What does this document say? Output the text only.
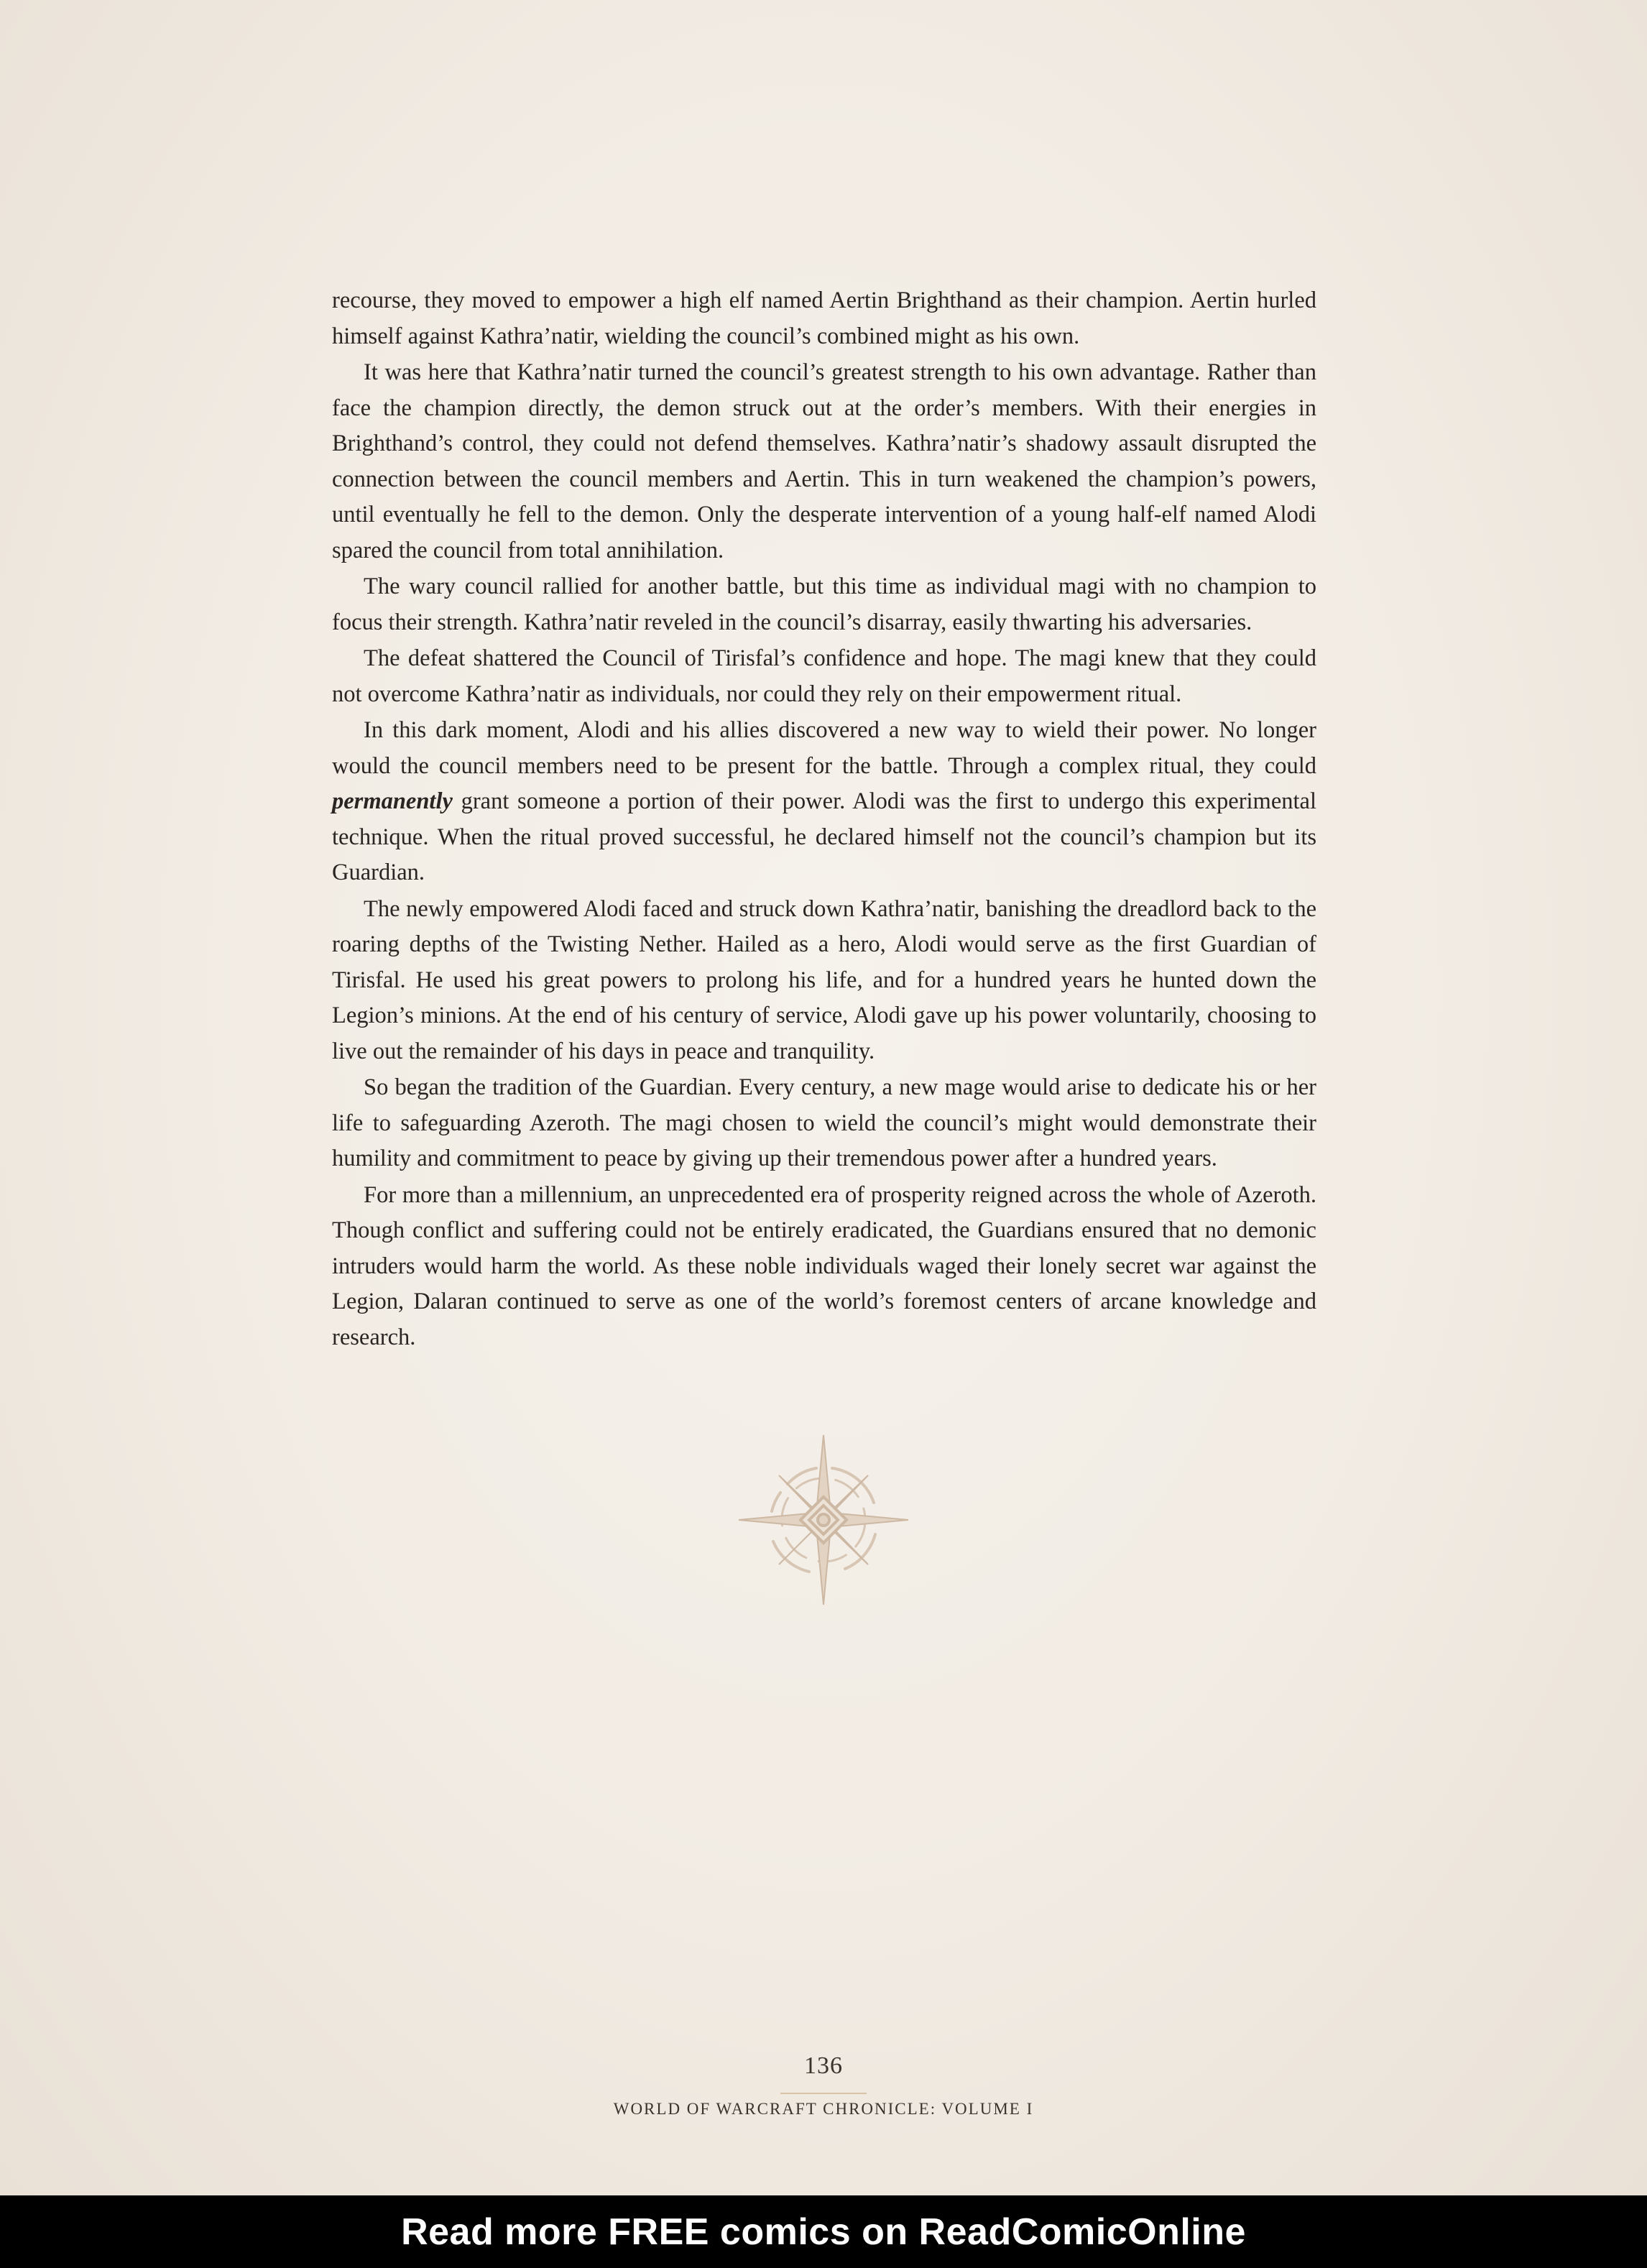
recourse, they moved to empower a high elf named Aertin Brighthand as their champion. Aertin hurled himself against Kathra’natir, wielding the council’s combined might as his own.

It was here that Kathra’natir turned the council’s greatest strength to his own advantage. Rather than face the champion directly, the demon struck out at the order’s members. With their energies in Brighthand’s control, they could not defend themselves. Kathra’natir’s shadowy assault disrupted the connection between the council members and Aertin. This in turn weakened the champion’s powers, until eventually he fell to the demon. Only the desperate intervention of a young half-elf named Alodi spared the council from total annihilation.

The wary council rallied for another battle, but this time as individual magi with no champion to focus their strength. Kathra’natir reveled in the council’s disarray, easily thwarting his adversaries.

The defeat shattered the Council of Tirisfal’s confidence and hope. The magi knew that they could not overcome Kathra’natir as individuals, nor could they rely on their empowerment ritual.

In this dark moment, Alodi and his allies discovered a new way to wield their power. No longer would the council members need to be present for the battle. Through a complex ritual, they could permanently grant someone a portion of their power. Alodi was the first to undergo this experimental technique. When the ritual proved successful, he declared himself not the council’s champion but its Guardian.

The newly empowered Alodi faced and struck down Kathra’natir, banishing the dreadlord back to the roaring depths of the Twisting Nether. Hailed as a hero, Alodi would serve as the first Guardian of Tirisfal. He used his great powers to prolong his life, and for a hundred years he hunted down the Legion’s minions. At the end of his century of service, Alodi gave up his power voluntarily, choosing to live out the remainder of his days in peace and tranquility.

So began the tradition of the Guardian. Every century, a new mage would arise to dedicate his or her life to safeguarding Azeroth. The magi chosen to wield the council’s might would demonstrate their humility and commitment to peace by giving up their tremendous power after a hundred years.

For more than a millennium, an unprecedented era of prosperity reigned across the whole of Azeroth. Though conflict and suffering could not be entirely eradicated, the Guardians ensured that no demonic intruders would harm the world. As these noble individuals waged their lonely secret war against the Legion, Dalaran continued to serve as one of the world’s foremost centers of arcane knowledge and research.

136
WORLD OF WARCRAFT CHRONICLE: VOLUME I
Read more FREE comics on ReadComicOnline
